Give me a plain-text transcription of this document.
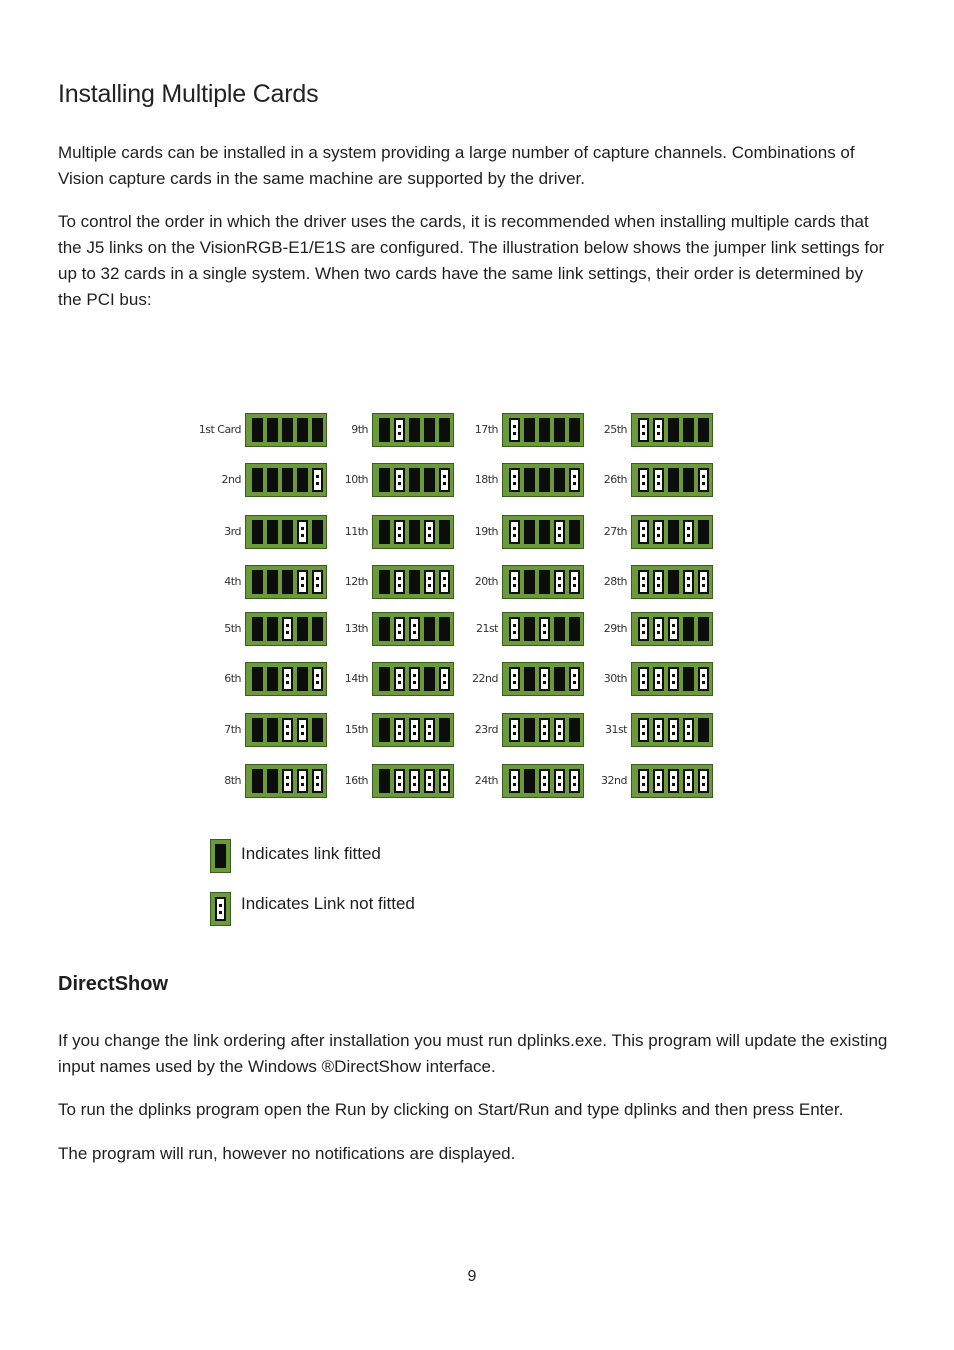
Installing Multiple Cards

Multiple cards can be installed in a system providing a large number of capture channels. Combinations of Vision capture cards in the same machine are supported by the driver.

To control the order in which the driver uses the cards, it is recommended when installing multiple cards that the J5 links on the VisionRGB-E1/E1S are configured. The illustration below shows the jumper link settings for up to 32 cards in a single system. When two cards have the same link settings, their order is determined by the PCI bus:

1st Card
2nd
3rd
4th
5th
6th
7th
8th
9th
10th
11th
12th
13th
14th
15th
16th
17th
18th
19th
20th
21st
22nd
23rd
24th
25th
26th
27th
28th
29th
30th
31st
32nd
Indicates link fitted
Indicates Link not fitted
DirectShow

If you change the link ordering after installation you must run dplinks.exe. This program will update the existing input names used by the Windows ®DirectShow interface.

To run the dplinks program open the Run by clicking on Start/Run and type dplinks and then press Enter.

The program will run, however no notifications are displayed.

9
